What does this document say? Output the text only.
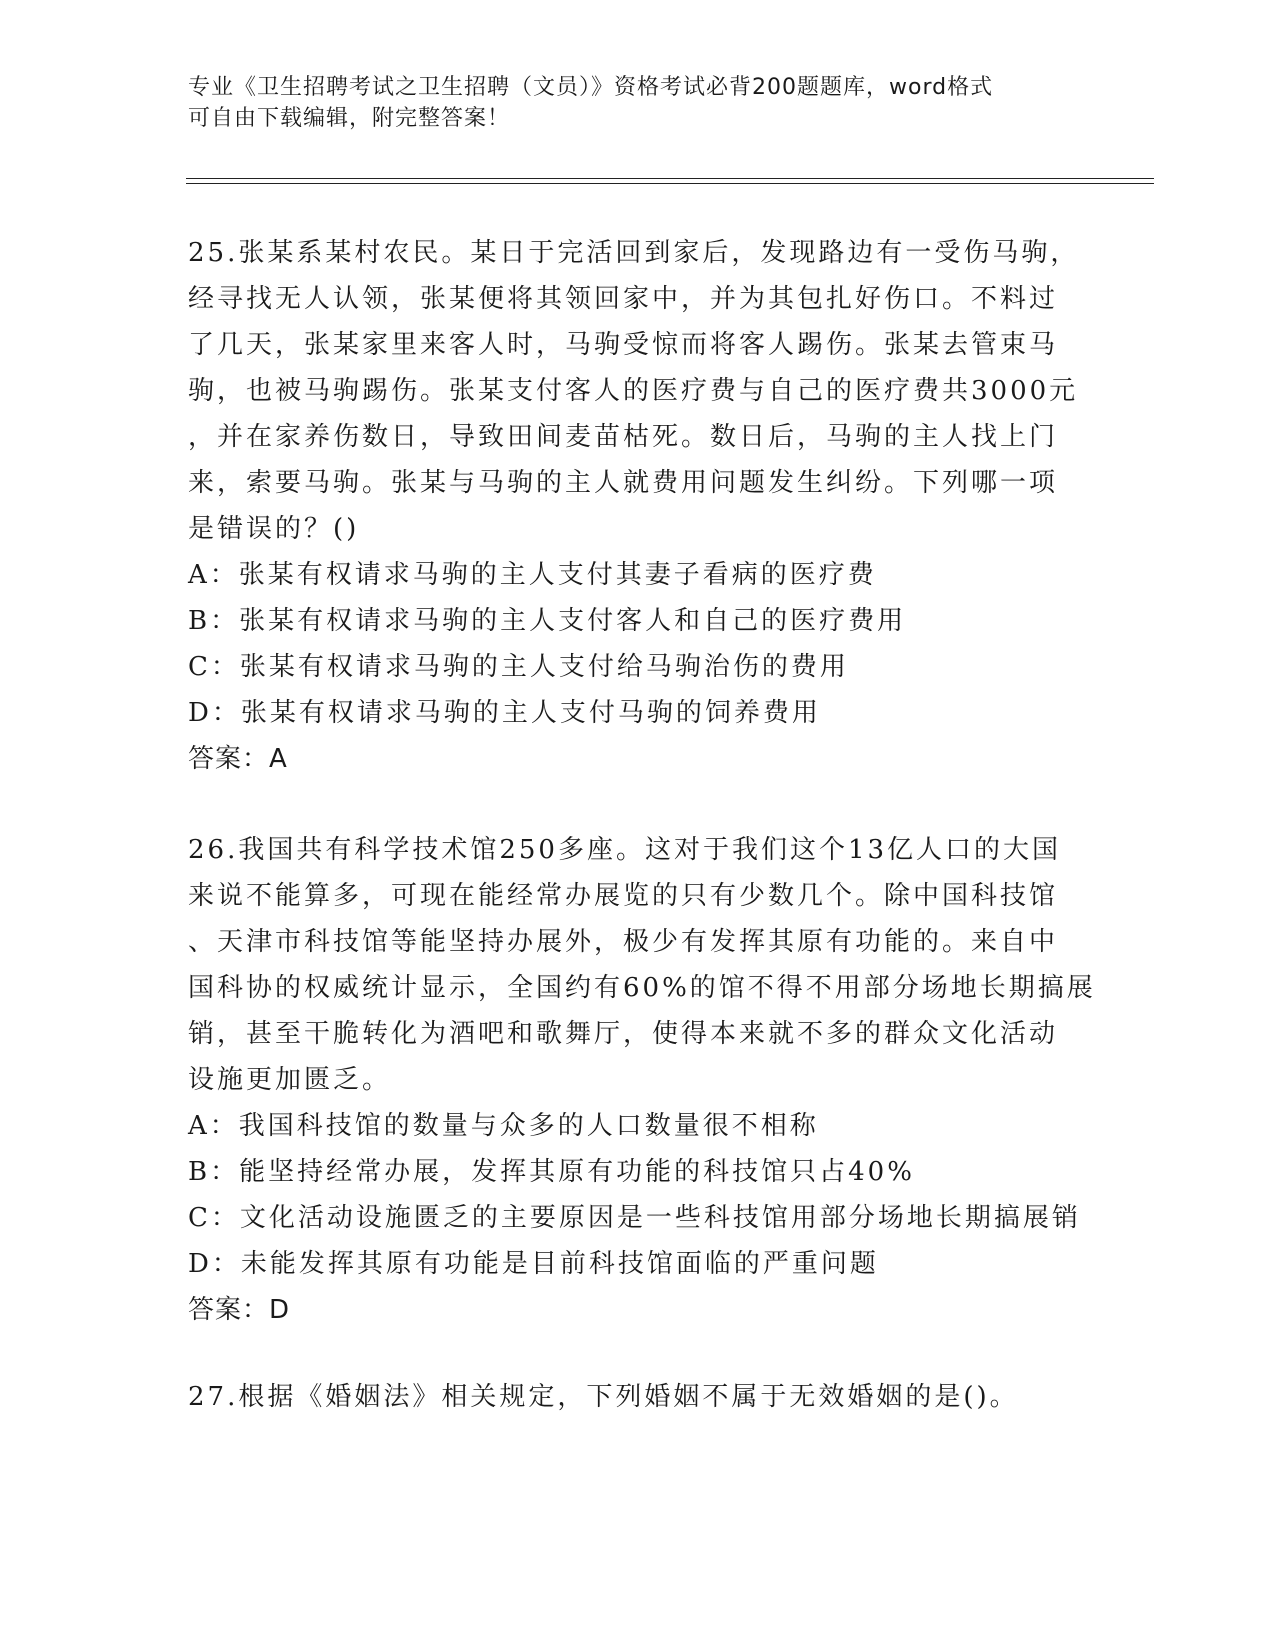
专业《卫生招聘考试之卫生招聘（文员）》资格考试必背200题题库，word格式
可自由下载编辑，附完整答案！
25.张某系某村农民。某日于完活回到家后，发现路边有一受伤马驹，
经寻找无人认领，张某便将其领回家中，并为其包扎好伤口。不料过
了几天，张某家里来客人时，马驹受惊而将客人踢伤。张某去管束马
驹，也被马驹踢伤。张某支付客人的医疗费与自己的医疗费共3000元
，并在家养伤数日，导致田间麦苗枯死。数日后，马驹的主人找上门
来，索要马驹。张某与马驹的主人就费用问题发生纠纷。下列哪一项
是错误的？()
A：张某有权请求马驹的主人支付其妻子看病的医疗费
B：张某有权请求马驹的主人支付客人和自己的医疗费用
C：张某有权请求马驹的主人支付给马驹治伤的费用
D：张某有权请求马驹的主人支付马驹的饲养费用
答案：A
26.我国共有科学技术馆250多座。这对于我们这个13亿人口的大国
来说不能算多，可现在能经常办展览的只有少数几个。除中国科技馆
、天津市科技馆等能坚持办展外，极少有发挥其原有功能的。来自中
国科协的权威统计显示，全国约有60%的馆不得不用部分场地长期搞展
销，甚至干脆转化为酒吧和歌舞厅，使得本来就不多的群众文化活动
设施更加匮乏。
A：我国科技馆的数量与众多的人口数量很不相称
B：能坚持经常办展，发挥其原有功能的科技馆只占40%
C：文化活动设施匮乏的主要原因是一些科技馆用部分场地长期搞展销
D：未能发挥其原有功能是目前科技馆面临的严重问题
答案：D
27.根据《婚姻法》相关规定，下列婚姻不属于无效婚姻的是()。
